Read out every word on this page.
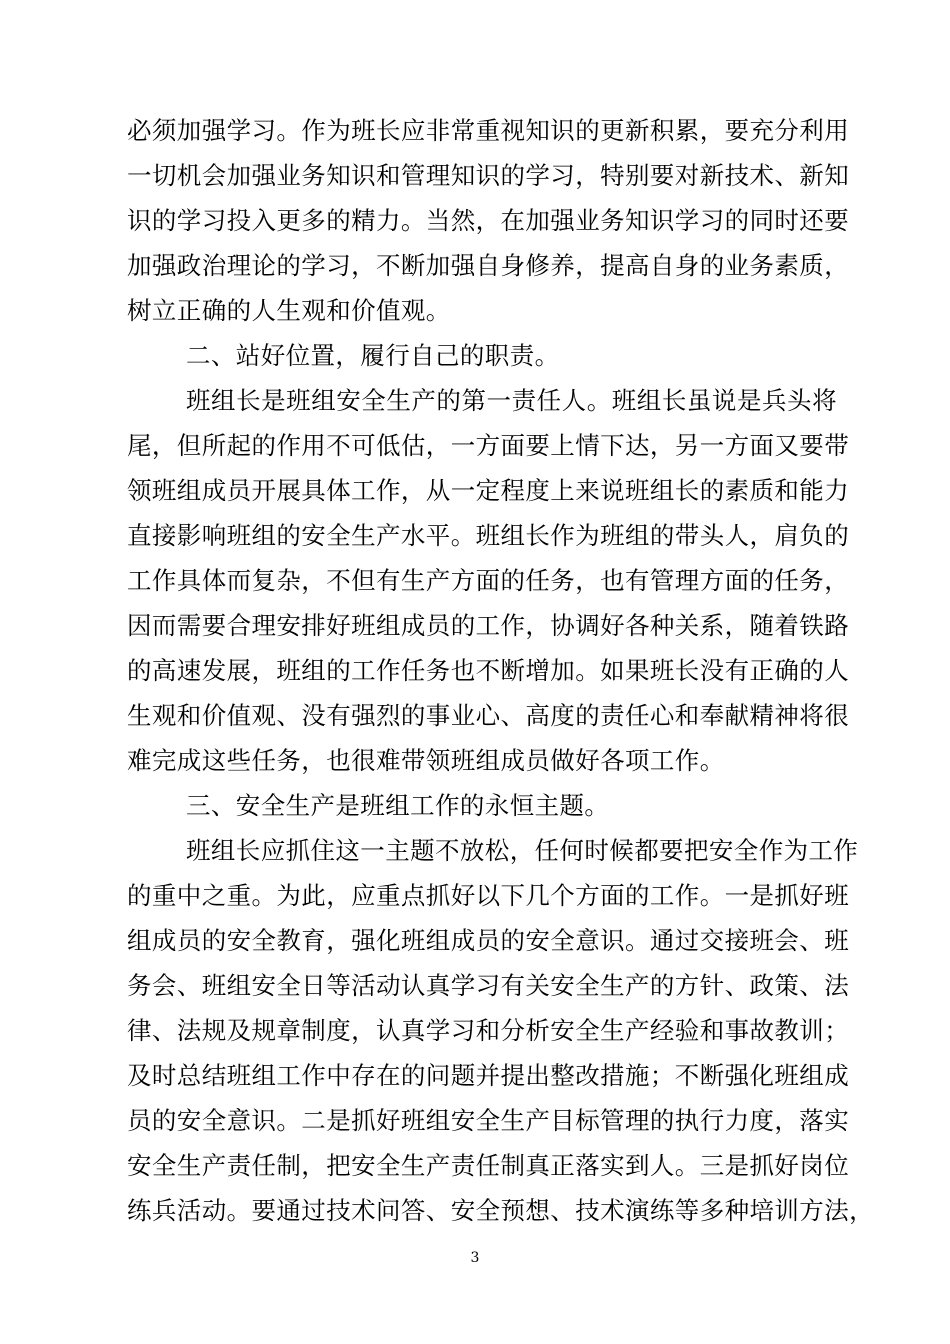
必须加强学习。作为班长应非常重视知识的更新积累，要充分利用
一切机会加强业务知识和管理知识的学习，特别要对新技术、新知
识的学习投入更多的精力。当然，在加强业务知识学习的同时还要
加强政治理论的学习，不断加强自身修养，提高自身的业务素质，
树立正确的人生观和价值观。
二、站好位置，履行自己的职责。
班组长是班组安全生产的第一责任人。班组长虽说是兵头将
尾，但所起的作用不可低估，一方面要上情下达，另一方面又要带
领班组成员开展具体工作，从一定程度上来说班组长的素质和能力
直接影响班组的安全生产水平。班组长作为班组的带头人，肩负的
工作具体而复杂，不但有生产方面的任务，也有管理方面的任务，
因而需要合理安排好班组成员的工作，协调好各种关系，随着铁路
的高速发展，班组的工作任务也不断增加。如果班长没有正确的人
生观和价值观、没有强烈的事业心、高度的责任心和奉献精神将很
难完成这些任务，也很难带领班组成员做好各项工作。
三、安全生产是班组工作的永恒主题。
班组长应抓住这一主题不放松，任何时候都要把安全作为工作
的重中之重。为此，应重点抓好以下几个方面的工作。一是抓好班
组成员的安全教育，强化班组成员的安全意识。通过交接班会、班
务会、班组安全日等活动认真学习有关安全生产的方针、政策、法
律、法规及规章制度，认真学习和分析安全生产经验和事故教训；
及时总结班组工作中存在的问题并提出整改措施；不断强化班组成
员的安全意识。二是抓好班组安全生产目标管理的执行力度，落实
安全生产责任制，把安全生产责任制真正落实到人。三是抓好岗位
练兵活动。要通过技术问答、安全预想、技术演练等多种培训方法，
3
